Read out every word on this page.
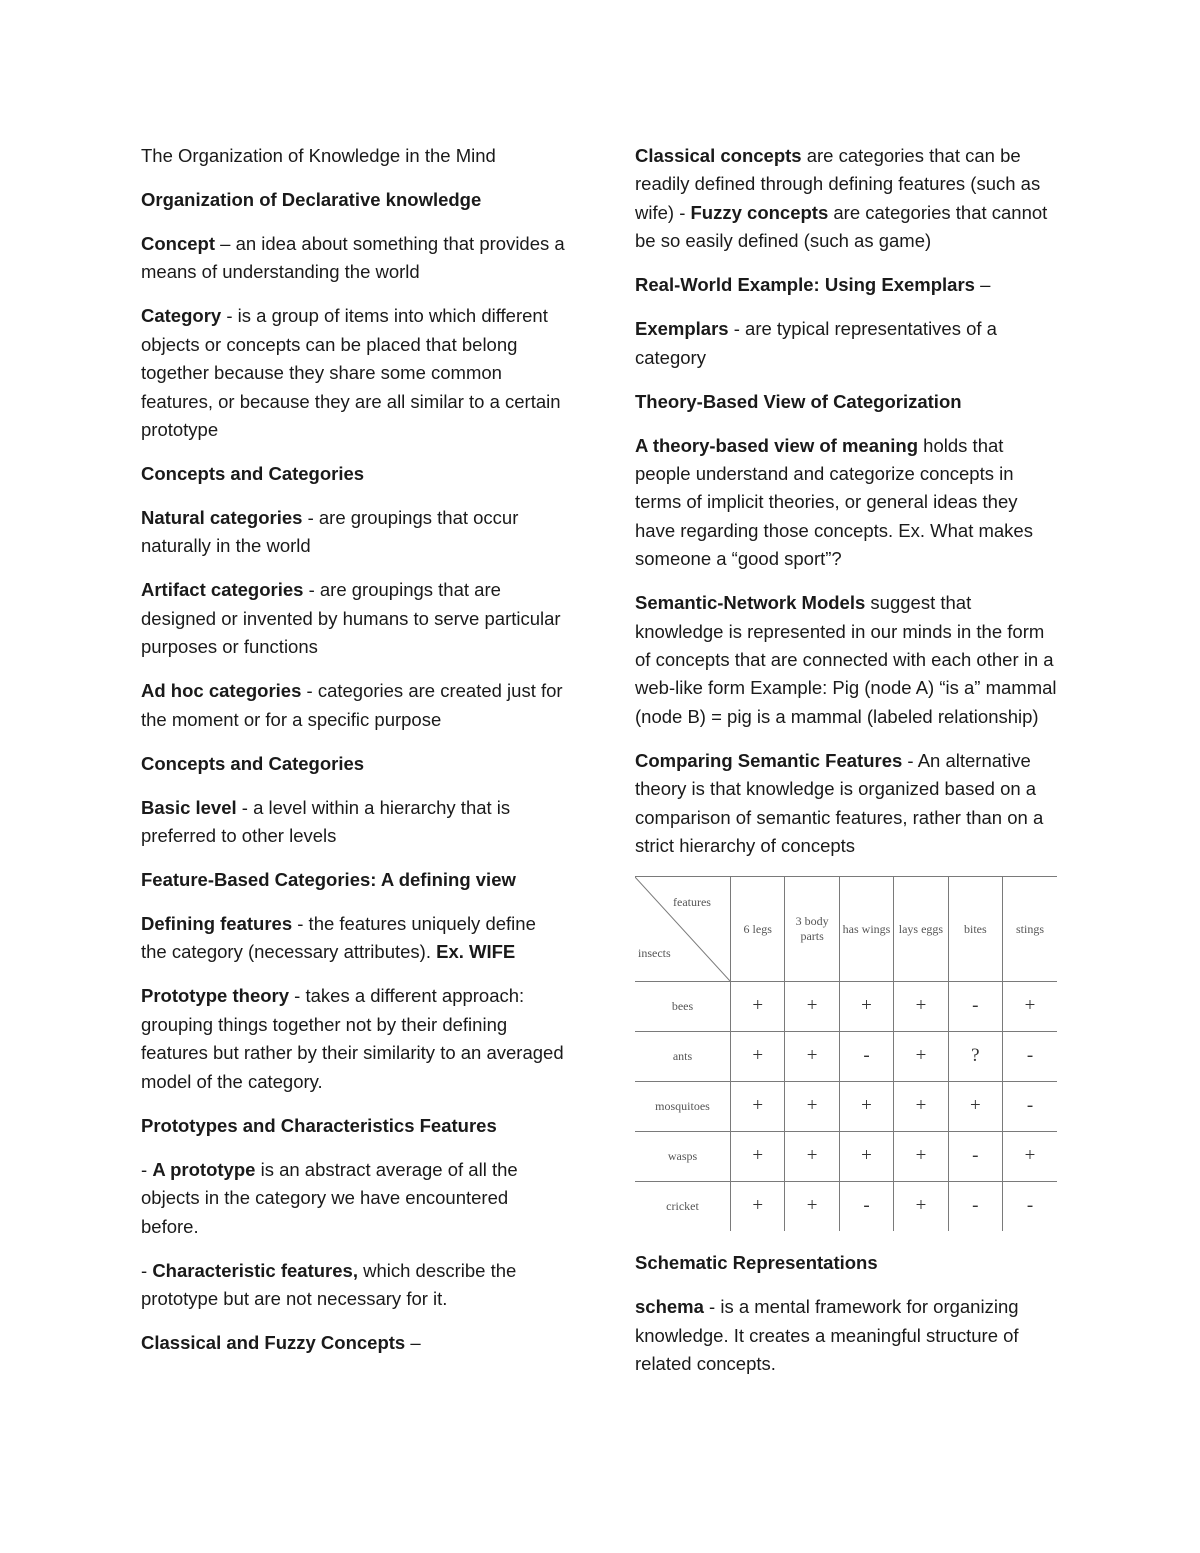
The Organization of Knowledge in the Mind

Organization of Declarative knowledge

Concept – an idea about something that provides a means of understanding the world

Category - is a group of items into which different objects or concepts can be placed that belong together because they share some common features, or because they are all similar to a certain prototype

Concepts and Categories

Natural categories - are groupings that occur naturally in the world

Artifact categories - are groupings that are designed or invented by humans to serve particular purposes or functions

Ad hoc categories - categories are created just for the moment or for a specific purpose

Concepts and Categories

Basic level - a level within a hierarchy that is preferred to other levels

Feature-Based Categories: A defining view

Defining features - the features uniquely define the category (necessary attributes). Ex. WIFE

Prototype theory - takes a different approach: grouping things together not by their defining features but rather by their similarity to an averaged model of the category.

Prototypes and Characteristics Features

- A prototype is an abstract average of all the objects in the category we have encountered before.

- Characteristic features, which describe the prototype but are not necessary for it.

Classical and Fuzzy Concepts –

Classical concepts are categories that can be readily defined through defining features (such as wife) - Fuzzy concepts are categories that cannot be so easily defined (such as game)

Real-World Example: Using Exemplars –

Exemplars - are typical representatives of a category

Theory-Based View of Categorization

A theory-based view of meaning holds that people understand and categorize concepts in terms of implicit theories, or general ideas they have regarding those concepts. Ex. What makes someone a “good sport”?

Semantic-Network Models suggest that knowledge is represented in our minds in the form of concepts that are connected with each other in a web-like form Example: Pig (node A) “is a” mammal (node B) = pig is a mammal (labeled relationship)

Comparing Semantic Features - An alternative theory is that knowledge is organized based on a comparison of semantic features, rather than on a strict hierarchy of concepts

features
insects	6 legs	3 body parts	has wings	lays eggs	bites	stings
bees	+	+	+	+	-	+
ants	+	+	-	+	?	-
mosquitoes	+	+	+	+	+	-
wasps	+	+	+	+	-	+
cricket	+	+	-	+	-	-

Schematic Representations

schema - is a mental framework for organizing knowledge. It creates a meaningful structure of related concepts.
